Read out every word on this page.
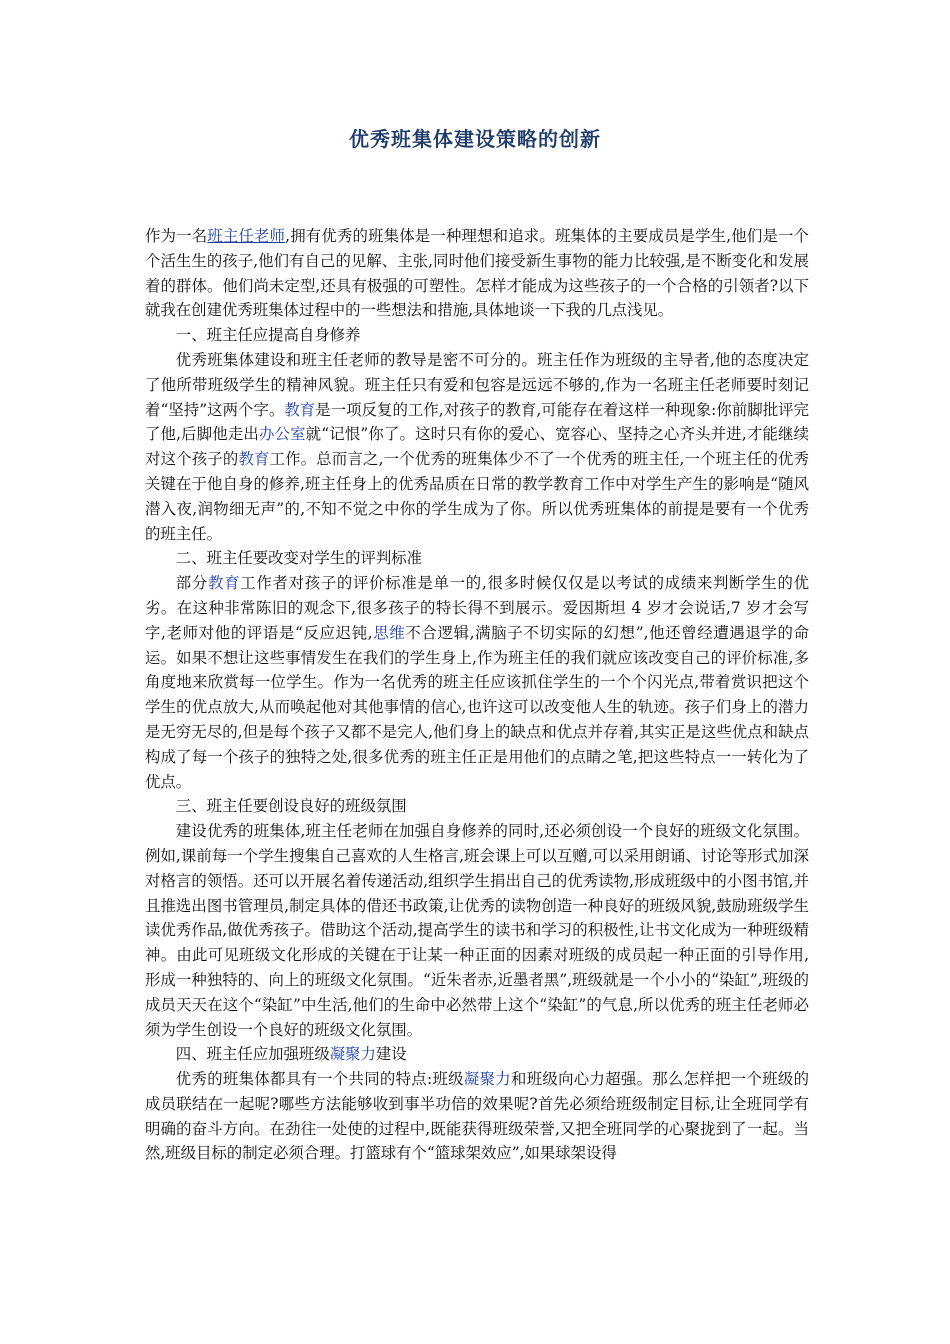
优秀班集体建设策略的创新

作为一名班主任老师,拥有优秀的班集体是一种理想和追求。班集体的主要成员是学生,他们是一个个活生生的孩子,他们有自己的见解、主张,同时他们接受新生事物的能力比较强,是不断变化和发展着的群体。他们尚未定型,还具有极强的可塑性。怎样才能成为这些孩子的一个合格的引领者?以下就我在创建优秀班集体过程中的一些想法和措施,具体地谈一下我的几点浅见。

一、班主任应提高自身修养

优秀班集体建设和班主任老师的教导是密不可分的。班主任作为班级的主导者,他的态度决定了他所带班级学生的精神风貌。班主任只有爱和包容是远远不够的,作为一名班主任老师要时刻记着“坚持”这两个字。教育是一项反复的工作,对孩子的教育,可能存在着这样一种现象:你前脚批评完了他,后脚他走出办公室就“记恨”你了。这时只有你的爱心、宽容心、坚持之心齐头并进,才能继续对这个孩子的教育工作。总而言之,一个优秀的班集体少不了一个优秀的班主任,一个班主任的优秀关键在于他自身的修养,班主任身上的优秀品质在日常的教学教育工作中对学生产生的影响是“随风潜入夜,润物细无声”的,不知不觉之中你的学生成为了你。所以优秀班集体的前提是要有一个优秀的班主任。

二、班主任要改变对学生的评判标准

部分教育工作者对孩子的评价标准是单一的,很多时候仅仅是以考试的成绩来判断学生的优劣。在这种非常陈旧的观念下,很多孩子的特长得不到展示。爱因斯坦 4 岁才会说话,7 岁才会写字,老师对他的评语是“反应迟钝,思维不合逻辑,满脑子不切实际的幻想”,他还曾经遭遇退学的命运。如果不想让这些事情发生在我们的学生身上,作为班主任的我们就应该改变自己的评价标准,多角度地来欣赏每一位学生。作为一名优秀的班主任应该抓住学生的一个个闪光点,带着赏识把这个学生的优点放大,从而唤起他对其他事情的信心,也许这可以改变他人生的轨迹。孩子们身上的潜力是无穷无尽的,但是每个孩子又都不是完人,他们身上的缺点和优点并存着,其实正是这些优点和缺点构成了每一个孩子的独特之处,很多优秀的班主任正是用他们的点睛之笔,把这些特点一一转化为了优点。

三、班主任要创设良好的班级氛围

建设优秀的班集体,班主任老师在加强自身修养的同时,还必须创设一个良好的班级文化氛围。例如,课前每一个学生搜集自己喜欢的人生格言,班会课上可以互赠,可以采用朗诵、讨论等形式加深对格言的领悟。还可以开展名着传递活动,组织学生捐出自己的优秀读物,形成班级中的小图书馆,并且推选出图书管理员,制定具体的借还书政策,让优秀的读物创造一种良好的班级风貌,鼓励班级学生读优秀作品,做优秀孩子。借助这个活动,提高学生的读书和学习的积极性,让书文化成为一种班级精神。由此可见班级文化形成的关键在于让某一种正面的因素对班级的成员起一种正面的引导作用,形成一种独特的、向上的班级文化氛围。“近朱者赤,近墨者黑”,班级就是一个小小的“染缸”,班级的成员天天在这个“染缸”中生活,他们的生命中必然带上这个“染缸”的气息,所以优秀的班主任老师必须为学生创设一个良好的班级文化氛围。

四、班主任应加强班级凝聚力建设

优秀的班集体都具有一个共同的特点:班级凝聚力和班级向心力超强。那么怎样把一个班级的成员联结在一起呢?哪些方法能够收到事半功倍的效果呢?首先必须给班级制定目标,让全班同学有明确的奋斗方向。在劲往一处使的过程中,既能获得班级荣誉,又把全班同学的心聚拢到了一起。当然,班级目标的制定必须合理。打篮球有个“篮球架效应”,如果球架设得
